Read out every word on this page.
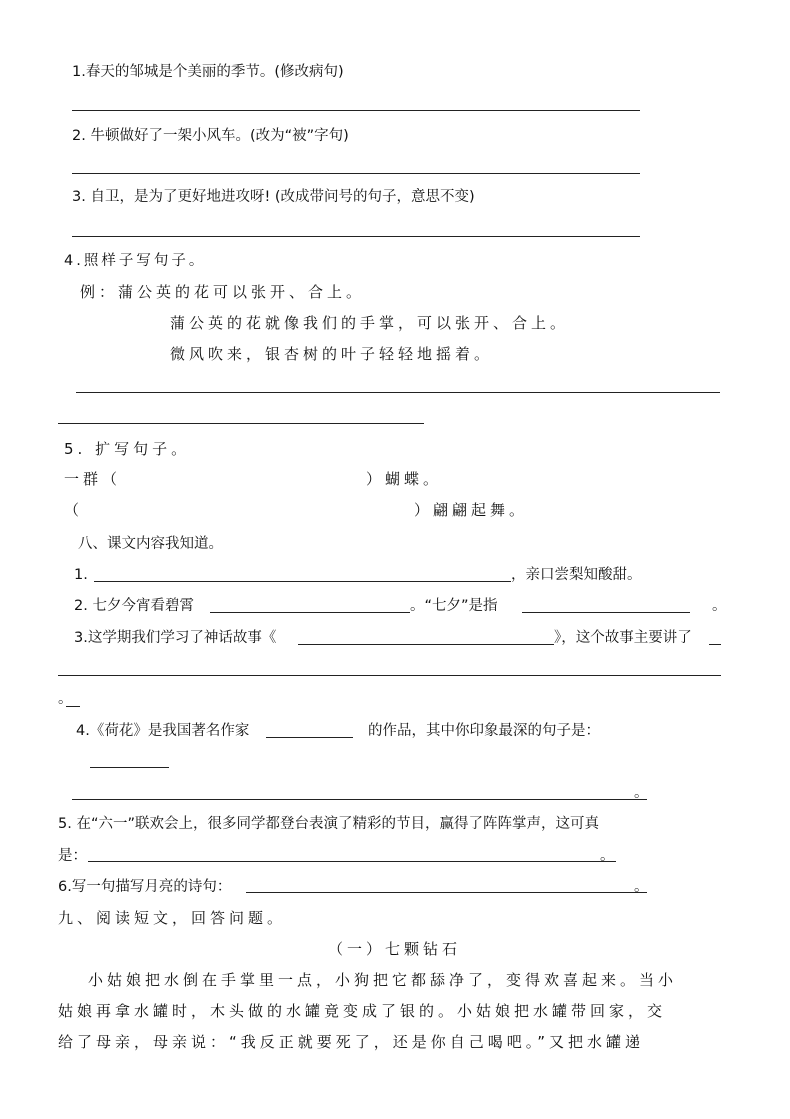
1.春天的邹城是个美丽的季节。(修改病句)
2. 牛顿做好了一架小风车。(改为“被”字句)
3. 自卫，是为了更好地进攻呀! (改成带问号的句子，意思不变)
4.照样子写句子。
例：蒲公英的花可以张开、合上。
蒲公英的花就像我们的手掌，可以张开、合上。
微风吹来，银杏树的叶子轻轻地摇着。
5. 扩写句子。
一群（	）蝴蝶。
（	）翩翩起舞。
八、课文内容我知道。
1.	，亲口尝梨知酸甜。
2. 七夕今宵看碧霄	。“七夕”是指	。
3.这学期我们学习了神话故事《	》，这个故事主要讲了
。
4.《荷花》是我国著名作家	的作品，其中你印象最深的句子是：
。
5. 在“六一”联欢会上，很多同学都登台表演了精彩的节目，赢得了阵阵掌声，这可真
是：	。
6.写一句描写月亮的诗句：	。
九、阅读短文，回答问题。
（一）七颗钻石
小姑娘把水倒在手掌里一点，小狗把它都舔净了，变得欢喜起来。当小
姑娘再拿水罐时，木头做的水罐竟变成了银的。小姑娘把水罐带回家，交
给了母亲，母亲说：“我反正就要死了，还是你自己喝吧。”又把水罐递
